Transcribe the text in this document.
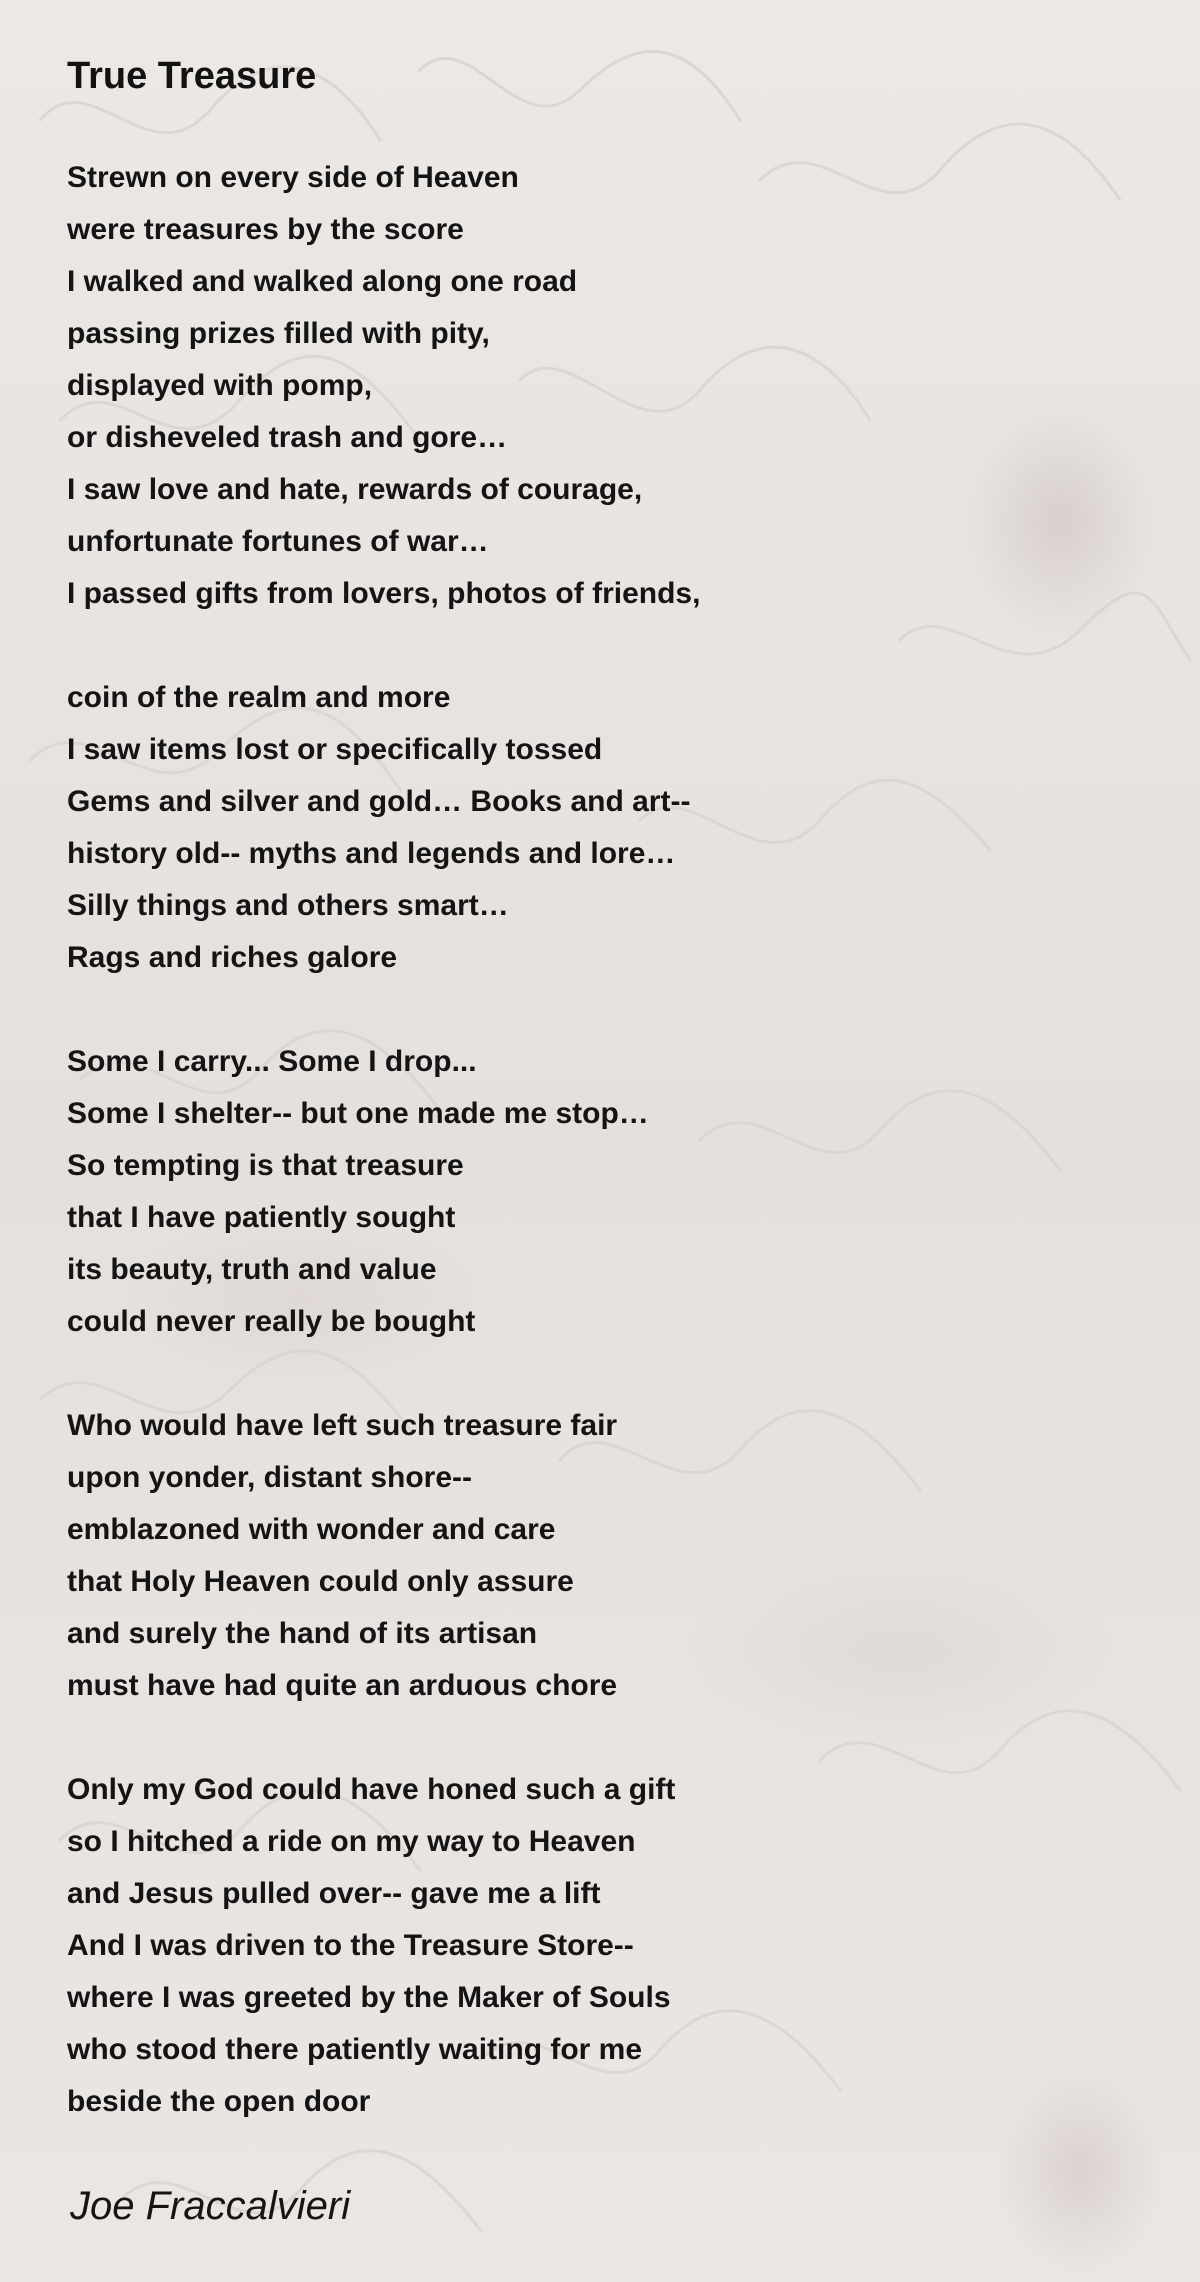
True Treasure
Strewn on every side of Heaven
were treasures by the score
I walked and walked along one road
passing prizes filled with pity,
displayed with pomp,
or disheveled trash and gore…
I saw love and hate, rewards of courage,
unfortunate fortunes of war…
I passed gifts from lovers, photos of friends,
coin of the realm and more
I saw items lost or specifically tossed
Gems and silver and gold… Books and art--
history old-- myths and legends and lore…
Silly things and others smart…
Rags and riches galore
Some I carry... Some I drop...
Some I shelter-- but one made me stop…
So tempting is that treasure
that I have patiently sought
its beauty, truth and value
could never really be bought
Who would have left such treasure fair
upon yonder, distant shore--
emblazoned with wonder and care
that Holy Heaven could only assure
and surely the hand of its artisan
must have had quite an arduous chore
Only my God could have honed such a gift
so I hitched a ride on my way to Heaven
and Jesus pulled over-- gave me a lift
And I was driven to the Treasure Store--
where I was greeted by the Maker of Souls
who stood there patiently waiting for me
beside the open door
Joe Fraccalvieri
